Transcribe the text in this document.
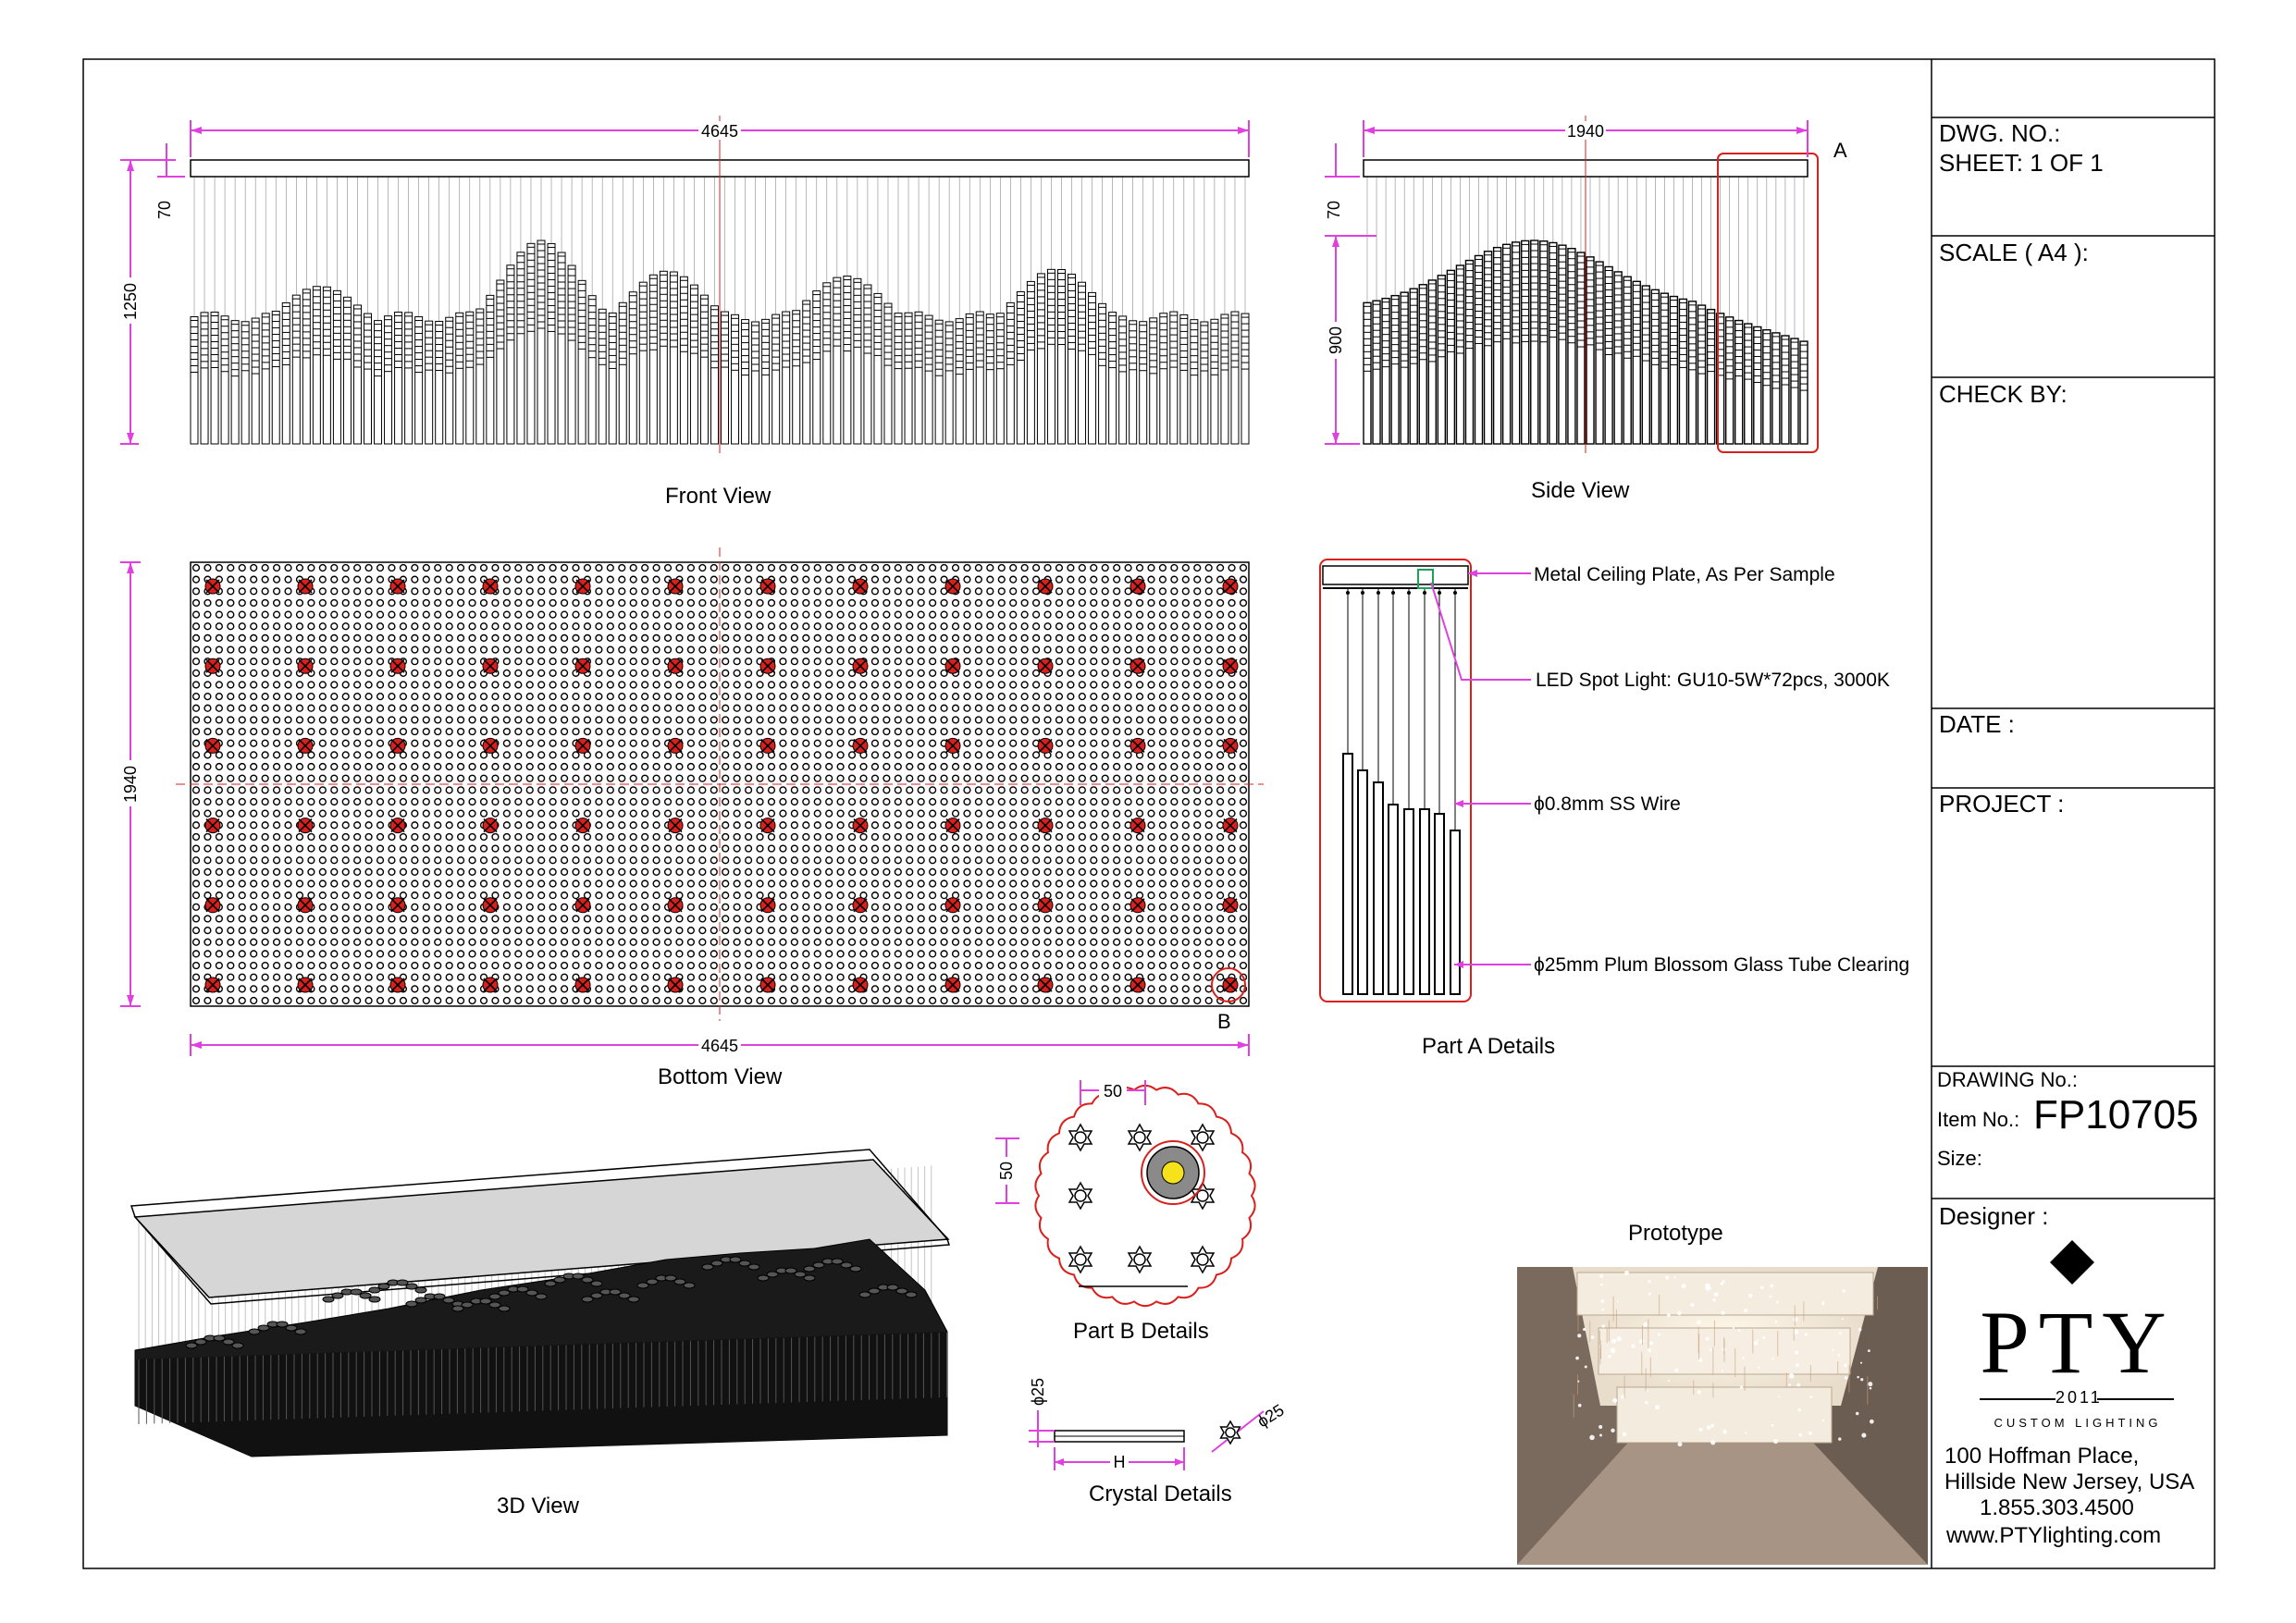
4645
70
1250
1940
70
900
A
B
4645
1940
Metal Ceiling Plate, As Per Sample
LED Spot Light: GU10-5W*72pcs, 3000K
ϕ0.8mm SS Wire
ϕ25mm Plum Blossom Glass Tube Clearing
50
50
H
ϕ25
ϕ25
Front View	Side View
Bottom View
Part A Details
Part B Details
Crystal Details
3D View
Prototype
DWG. NO.:
SHEET: 1 OF 1
SCALE ( A4 ):
CHECK BY:
DATE :
PROJECT :
DRAWING No.:
Item No.: FP10705
Size:
Designer :
PTY
2011
CUSTOM LIGHTING
100 Hoffman Place,
Hillside New Jersey, USA
1.855.303.4500
www.PTYlighting.com
